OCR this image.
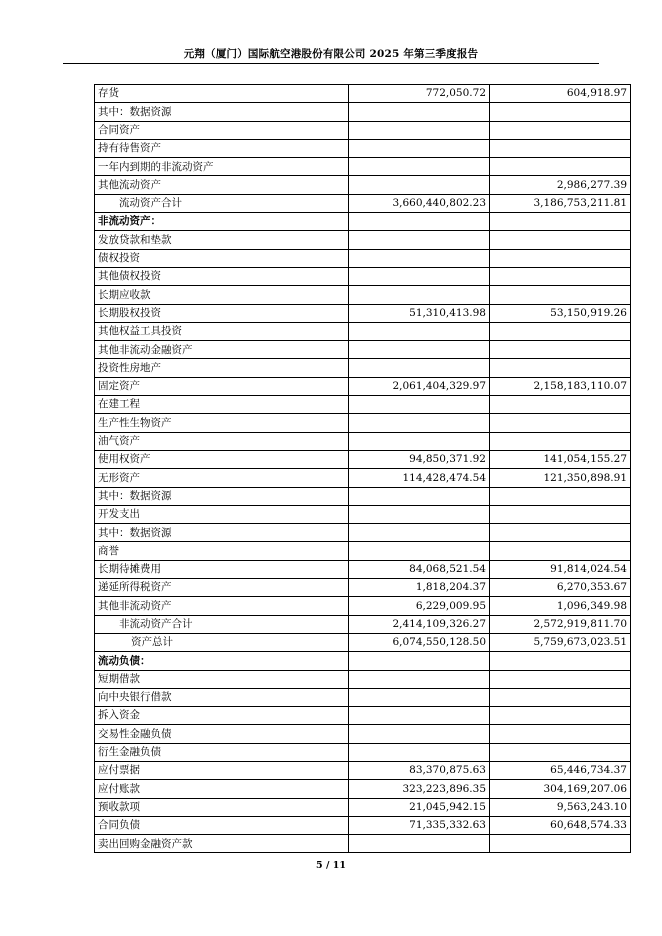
元翔（厦门）国际航空港股份有限公司 2025 年第三季度报告
存货	772,050.72	604,918.97
其中：数据资源		
合同资产		
持有待售资产		
一年内到期的非流动资产		
其他流动资产		2,986,277.39
流动资产合计	3,660,440,802.23	3,186,753,211.81
非流动资产：		
发放贷款和垫款		
债权投资		
其他债权投资		
长期应收款		
长期股权投资	51,310,413.98	53,150,919.26
其他权益工具投资		
其他非流动金融资产		
投资性房地产		
固定资产	2,061,404,329.97	2,158,183,110.07
在建工程		
生产性生物资产		
油气资产		
使用权资产	94,850,371.92	141,054,155.27
无形资产	114,428,474.54	121,350,898.91
其中：数据资源		
开发支出		
其中：数据资源		
商誉		
长期待摊费用	84,068,521.54	91,814,024.54
递延所得税资产	1,818,204.37	6,270,353.67
其他非流动资产	6,229,009.95	1,096,349.98
非流动资产合计	2,414,109,326.27	2,572,919,811.70
资产总计	6,074,550,128.50	5,759,673,023.51
流动负债：		
短期借款		
向中央银行借款		
拆入资金		
交易性金融负债		
衍生金融负债		
应付票据	83,370,875.63	65,446,734.37
应付账款	323,223,896.35	304,169,207.06
预收款项	21,045,942.15	9,563,243.10
合同负债	71,335,332.63	60,648,574.33
卖出回购金融资产款		
5 / 11
